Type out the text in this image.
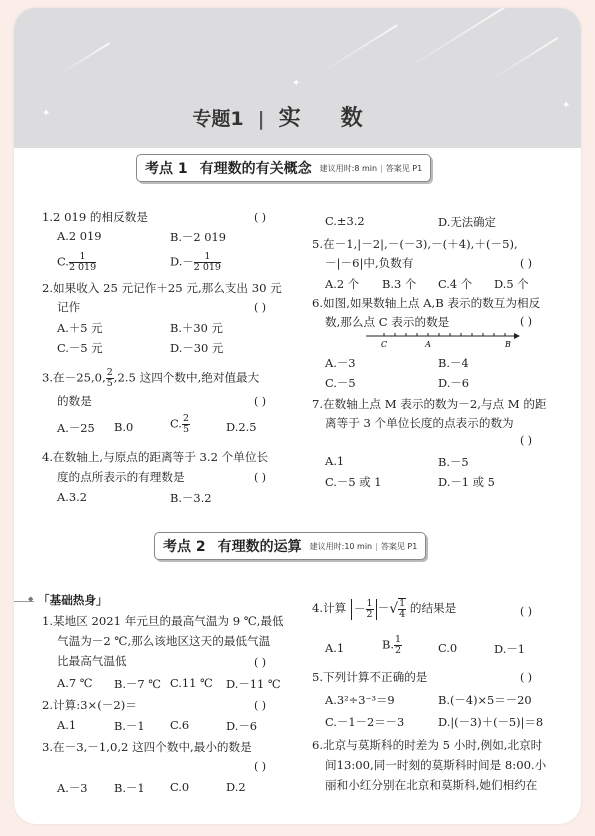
✦
✦
✦
专题1 | 实数
考点 1 有理数的有关概念 建议用时:8 min | 答案见 P1
1.2 019 的相反数是	( )
A.2 019	B.－2 019
C. $\frac{1}{2 019}$	$D.- \frac{1}{2 019}$
2.如果收入 25 元记作＋25 元,那么支出 30 元
记作	( )
A.＋5 元	B.＋30 元
C.－5 元	D.－30 元
3.在－25,0, $\frac{2}{5} ,2.5$ 这四个数中,绝对值最大
的数是	( )
A.－25 B.0	C. $\frac{2}{5}$	D.2.5
4.在数轴上,与原点的距离等于 3.2 个单位长
度的点所表示的有理数是	( )
A.3.2	B.－3.2
C.±3.2	D.无法确定
5.在－1,|－2|,－(－3),－(＋4),＋(－5),
－|－6|中,负数有	( )
A.2 个 B.3 个 C.4 个 D.5 个
6.如图,如果数轴上点 A,B 表示的数互为相反
数,那么点 C 表示的数是	( )
C	A	B
A.－3	B.－4
C.－5	D.－6
7.在数轴上点 M 表示的数为－2,与点 M 的距
离等于 3 个单位长度的点表示的数为
( )
A.1	B.－5
C.－5 或 1	D.－1 或 5
考点 2 有理数的运算 建议用时:10 min | 答案见 P1
◆ 「基础热身」
1.某地区 2021 年元旦的最高气温为 9 ℃,最低
气温为－2 ℃,那么该地区这天的最低气温
比最高气温低	( )
A.7 ℃ B.－7 ℃ C.11 ℃ D.－11 ℃
2.计算:3×(－2)＝	( )
A.1	B.－1 C.6	D.－6
3.在－3,－1,0,2 这四个数中,最小的数是
( )
A.－3 B.－1 C.0	D.2
4.计算 － $\frac{1}{2}$ －√ $\frac{1}{4}$ 的结果是	( )
A.1	B. $\frac{1}{2}$	C.0	D.－1
5.下列计算不正确的是	( )
A.3²÷3⁻³＝9	B.(－4)×5＝－20
C.－1－2＝－3	D.|(－3)＋(－5)|＝8
6.北京与莫斯科的时差为 5 小时,例如,北京时
间13:00,同一时刻的莫斯科时间是 8:00.小
丽和小红分别在北京和莫斯科,她们相约在
